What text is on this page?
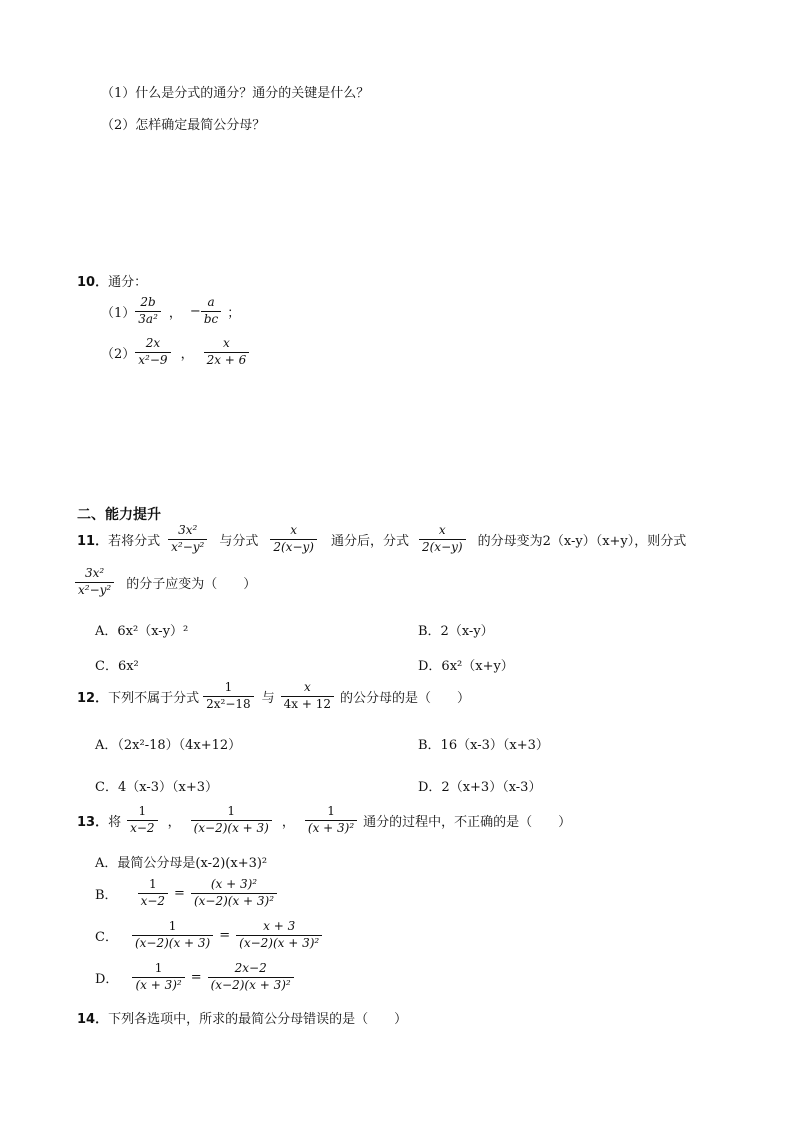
（1）什么是分式的通分？通分的关键是什么？
（2）怎样确定最简公分母？
10．通分：
$(1) \frac{2b}{\text{3a²}}$ ， − $\frac{a}{bc}$ ；
$(2) \frac{2x}{\text{x²−9}}$ ， $\frac{x}{2x + 6}$
二、能力提升
11． 若将分式 $\frac{\text{3x²}}{\text{x²−y²}}$ 与分式 $\frac{x}{2(x-y)}$ 通分后，分式 $\frac{x}{2(x-y)}$ 的分母变为2（x-y）（x+y），则分式
$\frac{\text{3x²}}{\text{x²−y²}}$ 的分子应变为（　　）
A．6x²（x-y）²	B．2（x-y）
C．6x²	D．6x²（x+y）
12． 下列不属于分式 $\frac{1}{\text{2x²−18}}$ 与 $\frac{x}{4x + 12}$ 的公分母的是（　　）
A．（2x²-18）（4x+12）	B．16（x-3）（x+3）
C．4（x-3）（x+3）	D．2（x+3）（x-3）
13． 将 $\frac{1}{x-2}$ ， $\frac{1}{(x-2)(x + 3)}$ ， $\frac{1}{\text{(x + 3)²}}$ 通分的过程中，不正确的是（　　）
A．最简公分母是(x-2)(x+3)²
B． $\frac{1}{x-2} = \frac{\text{(x + 3)²}}{\text{(x−2)(x + 3)²}}$
C． $\frac{1}{(x-2)(x + 3)} = \frac{x + 3}{\text{(x−2)(x + 3)²}}$
D． $\frac{1}{\text{(x + 3)²}} = \frac{2x-2}{\text{(x−2)(x + 3)²}}$
14．下列各选项中，所求的最简公分母错误的是（　　）
